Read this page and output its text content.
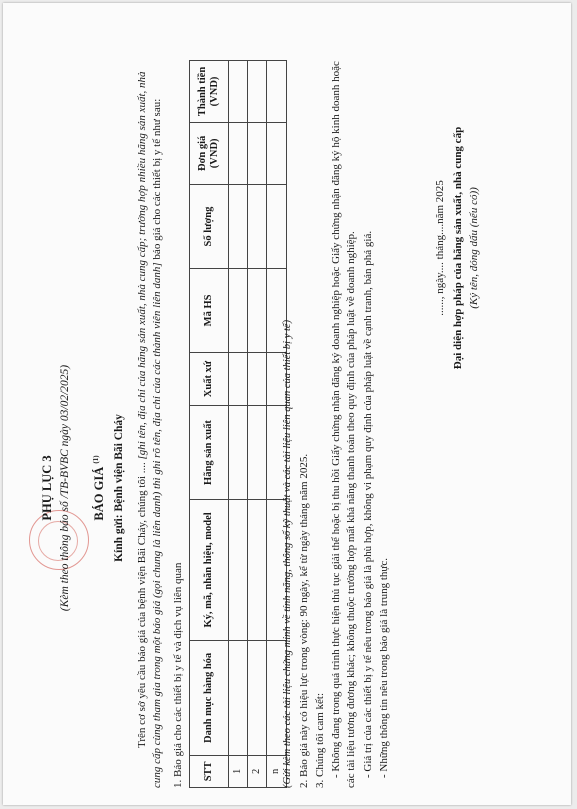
PHỤ LỤC 3 (Kèm theo thông báo số /TB-BVBC ngày 03/02/2025) BÁO GIÁ $^{(1)}$	Kính gửi: Bệnh viện Bãi Cháy Trên cơ sở yêu cầu báo giá của bệnh viện Bãi Cháy, chúng tôi .... [ghi tên, địa chỉ của hãng sản xuất, nhà cung cấp; trường hợp nhiều hãng sản xuất, nhà cung cấp cùng tham gia trong một báo giá (gọi chung là liên danh) thì ghi rõ tên, địa chỉ của các thành viên liên danh] báo giá cho các thiết bị y tế như sau:
1. Báo giá cho các thiết bị y tế và dịch vụ liên quan STT	Danh mục hàng hóa	Ký, mã, nhãn hiệu, model	Hãng sản xuất	Xuất xứ	Mã HS	Số lượng	Đơn giá (VND)	Thành tiền (VND)
1								
2								
n								(Gửi kèm theo các tài liệu chứng minh về tính năng, thông số kỹ thuật và các tài liệu liên quan của thiết bị y tế) 2. Báo giá này có hiệu lực trong vòng: 90 ngày, kể từ ngày tháng năm 2025. 3. Chúng tôi cam kết: - Không đang trong quá trình thực hiện thủ tục giải thể hoặc bị thu hồi Giấy chứng nhận đăng ký doanh nghiệp hoặc Giấy chứng nhận đăng ký hộ kinh doanh hoặc các tài liệu tương đương khác; không thuộc trường hợp mất khả năng thanh toán theo quy định của pháp luật về doanh nghiệp. - Giá trị của các thiết bị y tế nêu trong báo giá là phù hợp, không vi phạm quy định của pháp luật về cạnh tranh, bán phá giá. - Những thông tin nêu trong báo giá là trung thực.
......, ngày.... tháng....năm 2025 Đại diện hợp pháp của hãng sản xuất, nhà cung cấp (Ký tên, đóng dấu (nếu có))
